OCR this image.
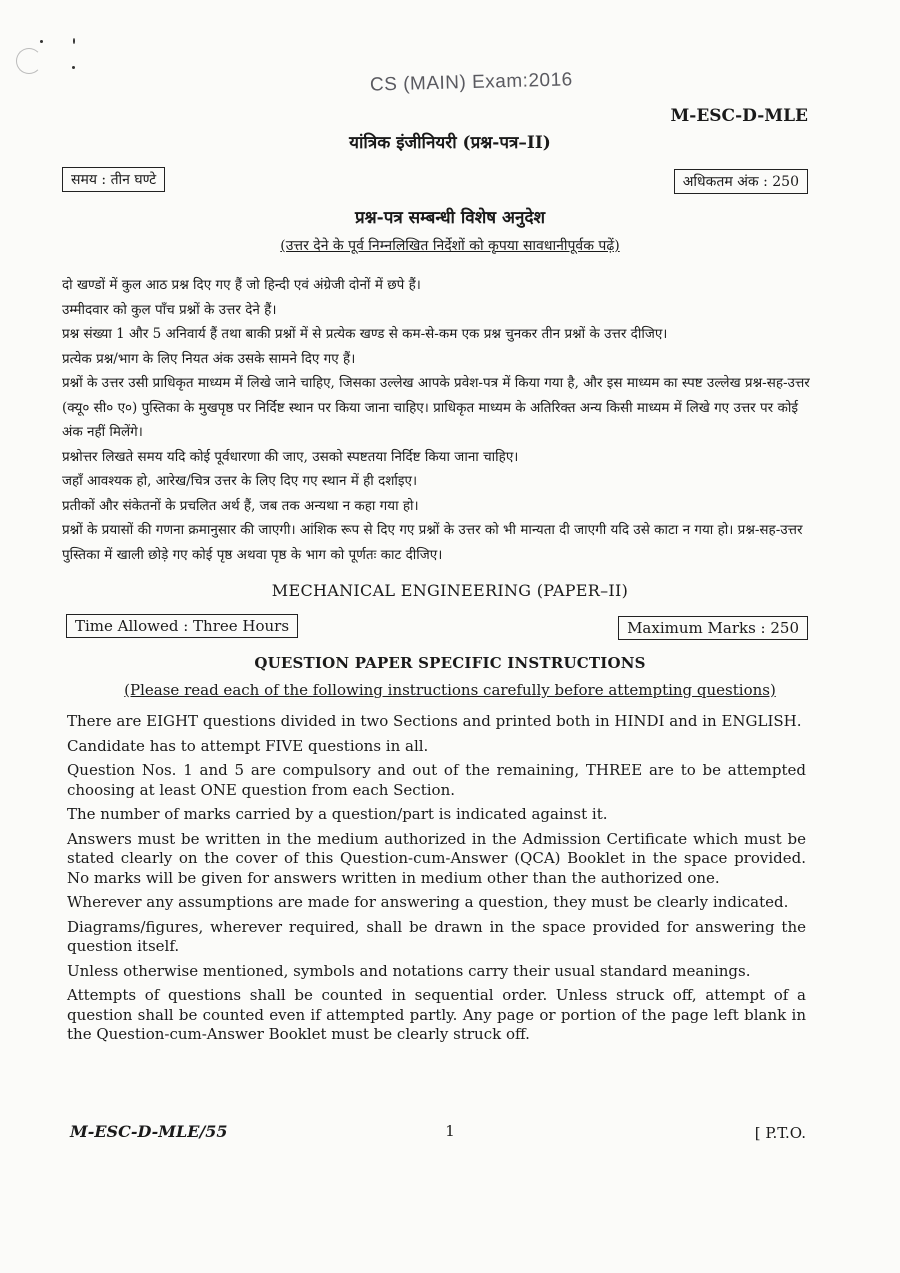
CS (MAIN) Exam:2016
M-ESC-D-MLE
यांत्रिक इंजीनियरी (प्रश्न-पत्र–II)
समय : तीन घण्टे	अधिकतम अंक : 250
प्रश्न-पत्र सम्बन्धी विशेष अनुदेश
(उत्तर देने के पूर्व निम्नलिखित निर्देशों को कृपया सावधानीपूर्वक पढ़ें)

दो खण्डों में कुल आठ प्रश्न दिए गए हैं जो हिन्दी एवं अंग्रेजी दोनों में छपे हैं।

उम्मीदवार को कुल पाँच प्रश्नों के उत्तर देने हैं।

प्रश्न संख्या 1 और 5 अनिवार्य हैं तथा बाकी प्रश्नों में से प्रत्येक खण्ड से कम-से-कम एक प्रश्न चुनकर तीन प्रश्नों के उत्तर दीजिए।

प्रत्येक प्रश्न/भाग के लिए नियत अंक उसके सामने दिए गए हैं।

प्रश्नों के उत्तर उसी प्राधिकृत माध्यम में लिखे जाने चाहिए, जिसका उल्लेख आपके प्रवेश-पत्र में किया गया है, और इस माध्यम का स्पष्ट उल्लेख प्रश्न-सह-उत्तर (क्यू० सी० ए०) पुस्तिका के मुखपृष्ठ पर निर्दिष्ट स्थान पर किया जाना चाहिए। प्राधिकृत माध्यम के अतिरिक्त अन्य किसी माध्यम में लिखे गए उत्तर पर कोई अंक नहीं मिलेंगे।

प्रश्नोत्तर लिखते समय यदि कोई पूर्वधारणा की जाए, उसको स्पष्टतया निर्दिष्ट किया जाना चाहिए।

जहाँ आवश्यक हो, आरेख/चित्र उत्तर के लिए दिए गए स्थान में ही दर्शाइए।

प्रतीकों और संकेतनों के प्रचलित अर्थ हैं, जब तक अन्यथा न कहा गया हो।

प्रश्नों के प्रयासों की गणना क्रमानुसार की जाएगी। आंशिक रूप से दिए गए प्रश्नों के उत्तर को भी मान्यता दी जाएगी यदि उसे काटा न गया हो। प्रश्न-सह-उत्तर पुस्तिका में खाली छोड़े गए कोई पृष्ठ अथवा पृष्ठ के भाग को पूर्णतः काट दीजिए।

MECHANICAL ENGINEERING (PAPER–II)
Time Allowed : Three Hours	Maximum Marks : 250
QUESTION PAPER SPECIFIC INSTRUCTIONS
(Please read each of the following instructions carefully before attempting questions)

There are EIGHT questions divided in two Sections and printed both in HINDI and in ENGLISH.

Candidate has to attempt FIVE questions in all.

Question Nos. 1 and 5 are compulsory and out of the remaining, THREE are to be attempted choosing at least ONE question from each Section.

The number of marks carried by a question/part is indicated against it.

Answers must be written in the medium authorized in the Admission Certificate which must be stated clearly on the cover of this Question-cum-Answer (QCA) Booklet in the space provided. No marks will be given for answers written in medium other than the authorized one.

Wherever any assumptions are made for answering a question, they must be clearly indicated.

Diagrams/figures, wherever required, shall be drawn in the space provided for answering the question itself.

Unless otherwise mentioned, symbols and notations carry their usual standard meanings.

Attempts of questions shall be counted in sequential order. Unless struck off, attempt of a question shall be counted even if attempted partly. Any page or portion of the page left blank in the Question-cum-Answer Booklet must be clearly struck off.

M-ESC-D-MLE/55	1	[ P.T.O.
